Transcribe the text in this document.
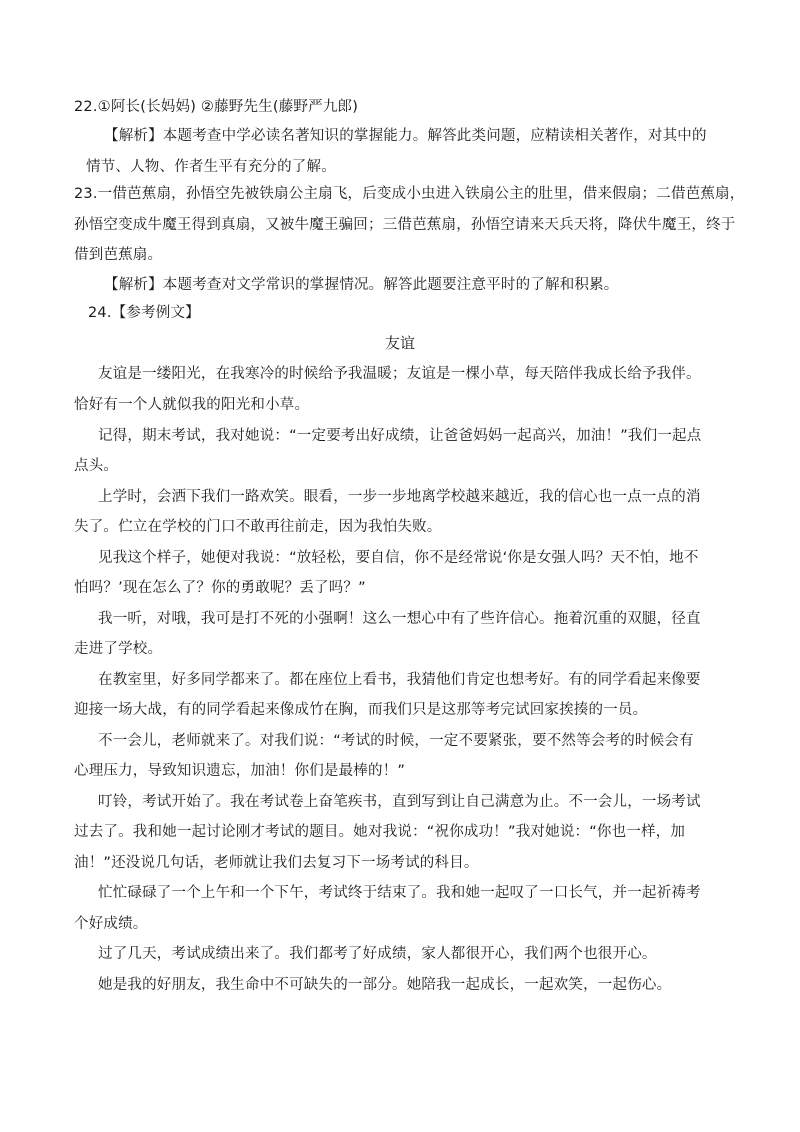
22.①阿长(长妈妈) ②藤野先生(藤野严九郎)
【解析】本题考查中学必读名著知识的掌握能力。解答此类问题，应精读相关著作，对其中的
情节、人物、作者生平有充分的了解。
23.一借芭蕉扇，孙悟空先被铁扇公主扇飞，后变成小虫进入铁扇公主的肚里，借来假扇；二借芭蕉扇，
孙悟空变成牛魔王得到真扇，又被牛魔王骗回；三借芭蕉扇，孙悟空请来天兵天将，降伏牛魔王，终于
借到芭蕉扇。
【解析】本题考查对文学常识的掌握情况。解答此题要注意平时的了解和积累。
24.【参考例文】
友谊
友谊是一缕阳光，在我寒冷的时候给予我温暖；友谊是一棵小草，每天陪伴我成长给予我伴。
恰好有一个人就似我的阳光和小草。
记得，期末考试，我对她说：“一定要考出好成绩，让爸爸妈妈一起高兴，加油！”我们一起点
点头。
上学时，会洒下我们一路欢笑。眼看，一步一步地离学校越来越近，我的信心也一点一点的消
失了。伫立在学校的门口不敢再往前走，因为我怕失败。
见我这个样子，她便对我说：“放轻松，要自信，你不是经常说‘你是女强人吗？天不怕，地不
怕吗？’现在怎么了？你的勇敢呢？丢了吗？”
我一听，对哦，我可是打不死的小强啊！这么一想心中有了些许信心。拖着沉重的双腿，径直
走进了学校。
在教室里，好多同学都来了。都在座位上看书，我猜他们肯定也想考好。有的同学看起来像要
迎接一场大战，有的同学看起来像成竹在胸，而我们只是这那等考完试回家挨揍的一员。
不一会儿，老师就来了。对我们说：“考试的时候，一定不要紧张，要不然等会考的时候会有
心理压力，导致知识遗忘，加油！你们是最棒的！”
叮铃，考试开始了。我在考试卷上奋笔疾书，直到写到让自己满意为止。不一会儿，一场考试
过去了。我和她一起讨论刚才考试的题目。她对我说：“祝你成功！”我对她说：“你也一样，加
油！”还没说几句话，老师就让我们去复习下一场考试的科目。
忙忙碌碌了一个上午和一个下午，考试终于结束了。我和她一起叹了一口长气，并一起祈祷考
个好成绩。
过了几天，考试成绩出来了。我们都考了好成绩，家人都很开心，我们两个也很开心。
她是我的好朋友，我生命中不可缺失的一部分。她陪我一起成长，一起欢笑，一起伤心。
